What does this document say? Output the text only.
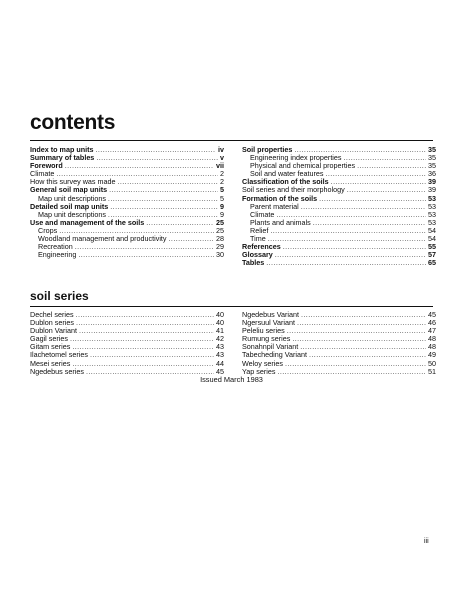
contents
Index to map units .....	iv
Summary of tables .....	v
Foreword .....	vii
Climate .....	2
How this survey was made .....	2
General soil map units .....	5
Map unit descriptions .....	5
Detailed soil map units .....	9
Map unit descriptions .....	9
Use and management of the soils .....	25
Crops .....	25
Woodland management and productivity .....	28
Recreation .....	29
Engineering .....	30
Soil properties .....	35
Engineering index properties .....	35
Physical and chemical properties .....	35
Soil and water features .....	36
Classification of the soils .....	39
Soil series and their morphology .....	39
Formation of the soils .....	53
Parent material .....	53
Climate .....	53
Plants and animals .....	53
Relief .....	54
Time .....	54
References .....	55
Glossary .....	57
Tables .....	65
soil series
Dechel series .....	40
Dublon series .....	40
Dublon Variant .....	41
Gagil series .....	42
Gitam series .....	43
Ilachetomel series .....	43
Mesei series .....	44
Ngedebus series .....	45
Ngedebus Variant .....	45
Ngersuul Variant .....	46
Peleliu series .....	47
Rumung series .....	48
Sonahnpil Variant .....	48
Tabecheding Variant .....	49
Weloy series .....	50
Yap series .....	51
Issued March 1983
iii
